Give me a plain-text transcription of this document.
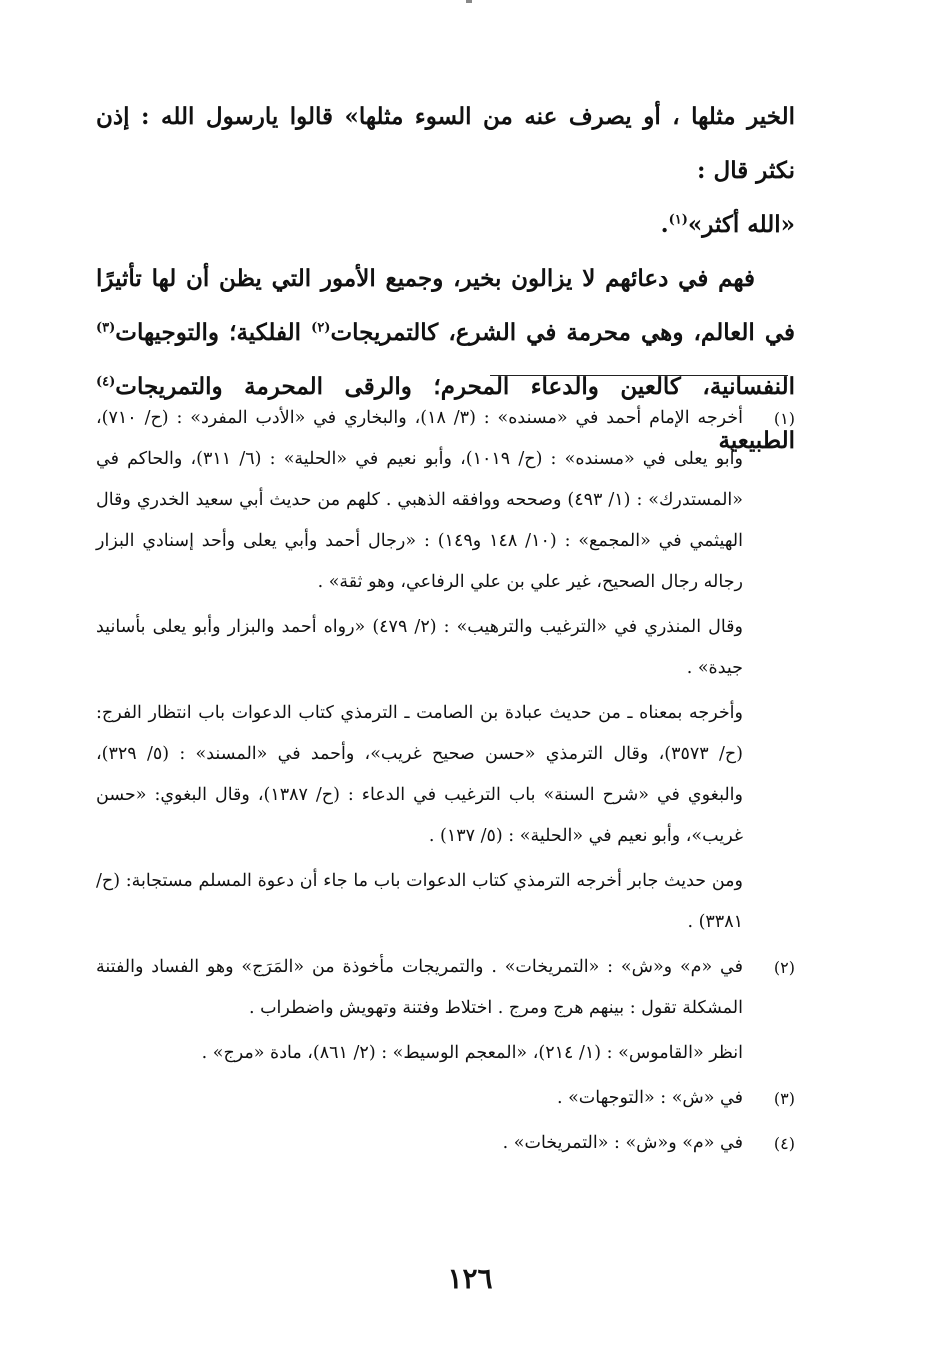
الخير مثلها ، أو يصرف عنه من السوء مثلها» قالوا يارسول الله : إذن نكثر قال :

«الله أكثر»$^{(١)}$.

فهم في دعائهم لا يزالون بخير، وجميع الأمور التي يظن أن لها تأثيرًا في العالم، وهي محرمة في الشرع، كالتمريجات$^{(٢)}$ الفلكية؛ والتوجيهات$^{(٣)}$ النفسانية، كالعين والدعاء المحرم؛ والرقى المحرمة والتمريجات$^{(٤)}$ الطبيعية

(١)

أخرجه الإمام أحمد في «مسنده» : (٣/ ١٨)، والبخاري في «الأدب المفرد» : (ح/ ٧١٠)، وأبو يعلى في «مسنده» : (ح/ ١٠١٩)، وأبو نعيم في «الحلية» : (٦/ ٣١١)، والحاكم في «المستدرك» : (١/ ٤٩٣) وصححه ووافقه الذهبي . كلهم من حديث أبي سعيد الخدري وقال الهيثمي في «المجمع» : (١٠/ ١٤٨ و١٤٩) : «رجال أحمد وأبي يعلى وأحد إسنادي البزار رجاله رجال الصحيح، غير علي بن علي الرفاعي، وهو ثقة» .

وقال المنذري في «الترغيب والترهيب» : (٢/ ٤٧٩) «رواه أحمد والبزار وأبو يعلى بأسانيد جيدة» .

وأخرجه بمعناه ـ من حديث عبادة بن الصامت ـ الترمذي كتاب الدعوات باب انتظار الفرج: (ح/ ٣٥٧٣)، وقال الترمذي «حسن صحيح غريب»، وأحمد في «المسند» : (٥/ ٣٢٩)، والبغوي في «شرح السنة» باب الترغيب في الدعاء : (ح/ ١٣٨٧)، وقال البغوي: «حسن غريب»، وأبو نعيم في «الحلية» : (٥/ ١٣٧) .

ومن حديث جابر أخرجه الترمذي كتاب الدعوات باب ما جاء أن دعوة المسلم مستجابة: (ح/ ٣٣٨١) .

(٢)

في «م» و«ش» : «التمريخات» . والتمريجات مأخوذة من «المَرَج» وهو الفساد والفتنة المشكلة تقول : بينهم هرج ومرج . اختلاط وفتنة وتهويش واضطراب .

انظر «القاموس» : (١/ ٢١٤)، «المعجم الوسيط» : (٢/ ٨٦١)، مادة «مرج» .

(٣)

في «ش» : «التوجهات» .

(٤)

في «م» و«ش» : «التمريخات» .

١٢٦
